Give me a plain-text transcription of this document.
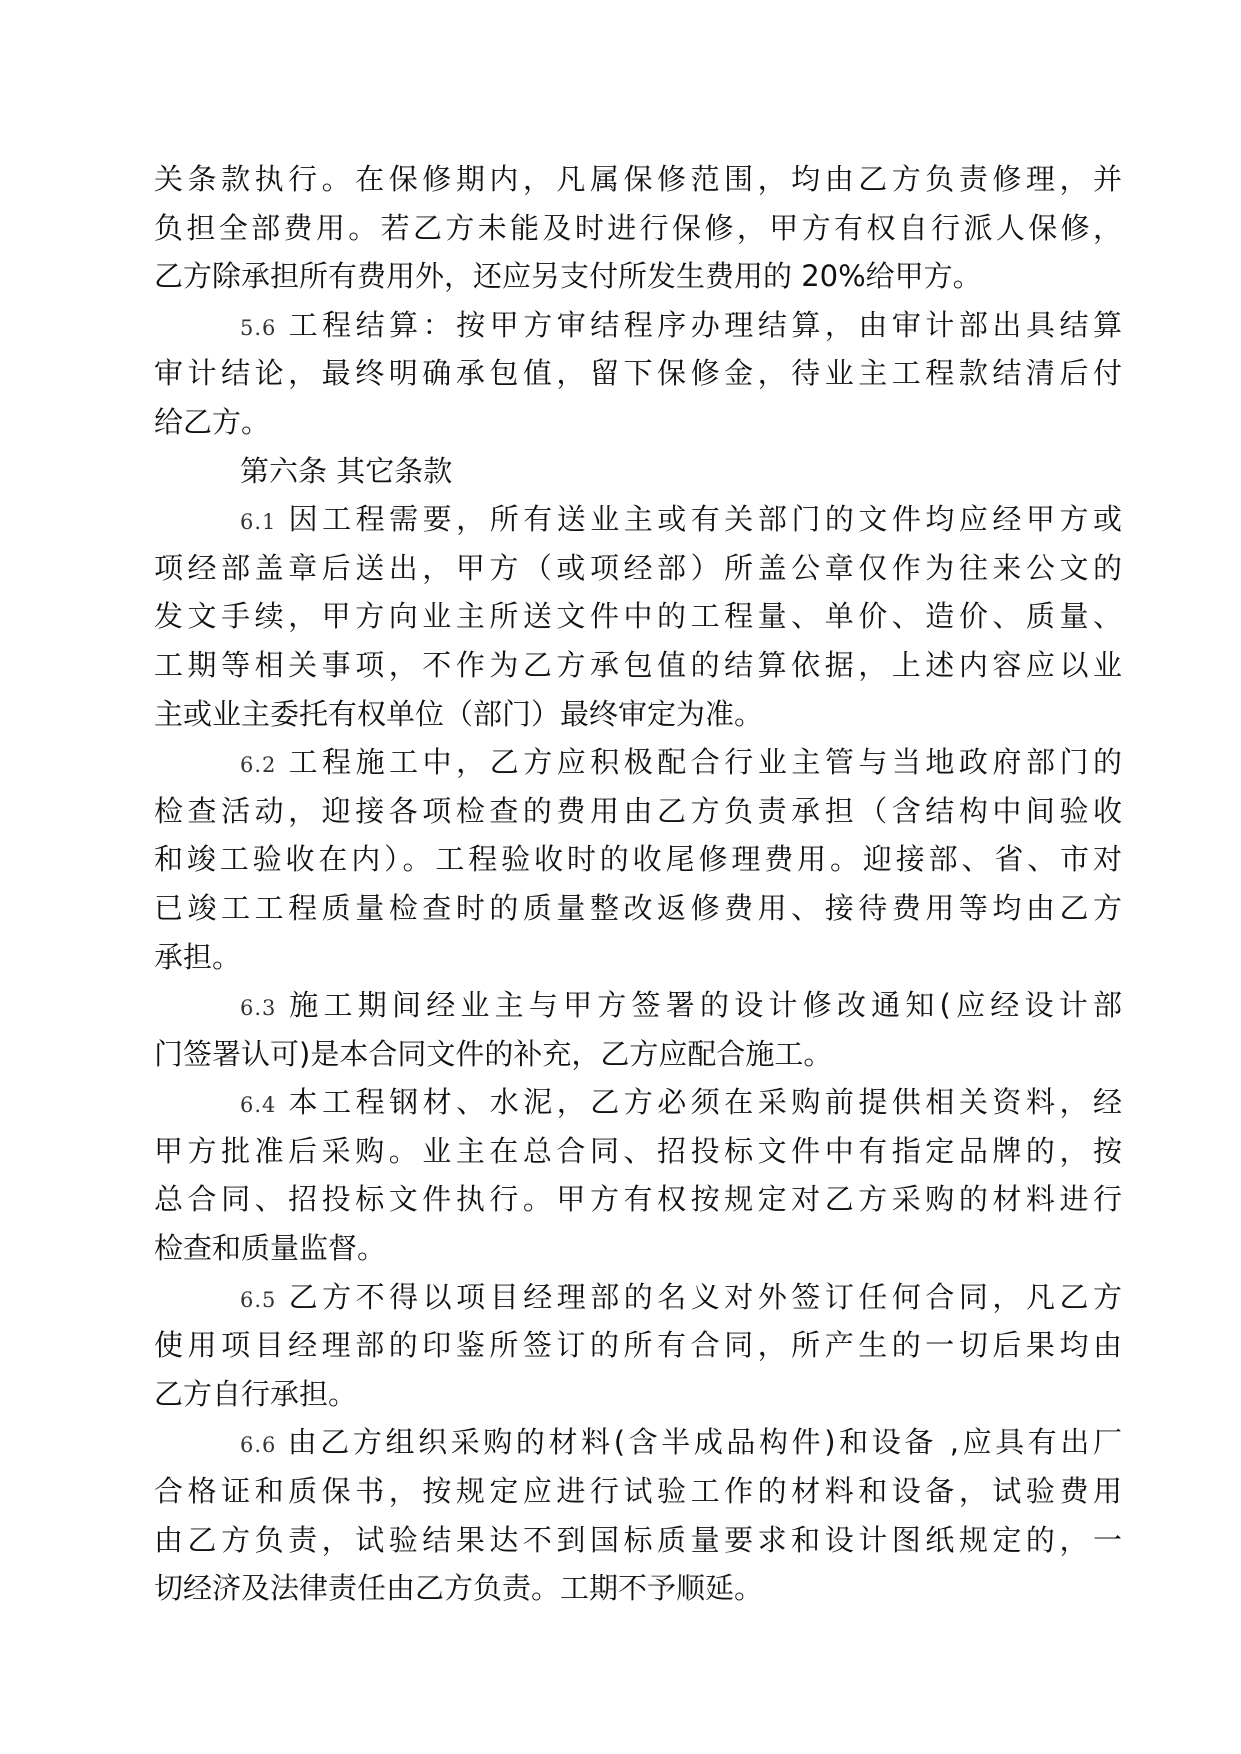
关条款执行。在保修期内，凡属保修范围，均由乙方负责修理，并
负担全部费用。若乙方未能及时进行保修，甲方有权自行派人保修，
乙方除承担所有费用外，还应另支付所发生费用的 20%给甲方。
5.6 工程结算：按甲方审结程序办理结算，由审计部出具结算
审计结论，最终明确承包值，留下保修金，待业主工程款结清后付
给乙方。
第六条 其它条款
6.1 因工程需要，所有送业主或有关部门的文件均应经甲方或
项经部盖章后送出，甲方（或项经部）所盖公章仅作为往来公文的
发文手续，甲方向业主所送文件中的工程量、单价、造价、质量、
工期等相关事项，不作为乙方承包值的结算依据，上述内容应以业
主或业主委托有权单位（部门）最终审定为准。
6.2 工程施工中，乙方应积极配合行业主管与当地政府部门的
检查活动，迎接各项检查的费用由乙方负责承担（含结构中间验收
和竣工验收在内）。工程验收时的收尾修理费用。迎接部、省、市对
已竣工工程质量检查时的质量整改返修费用、接待费用等均由乙方
承担。
6.3 施工期间经业主与甲方签署的设计修改通知(应经设计部
门签署认可)是本合同文件的补充，乙方应配合施工。
6.4 本工程钢材、水泥，乙方必须在采购前提供相关资料，经
甲方批准后采购。业主在总合同、招投标文件中有指定品牌的，按
总合同、招投标文件执行。甲方有权按规定对乙方采购的材料进行
检查和质量监督。
6.5 乙方不得以项目经理部的名义对外签订任何合同，凡乙方
使用项目经理部的印鉴所签订的所有合同，所产生的一切后果均由
乙方自行承担。
6.6 由乙方组织采购的材料(含半成品构件)和设备 ,应具有出厂
合格证和质保书，按规定应进行试验工作的材料和设备，试验费用
由乙方负责，试验结果达不到国标质量要求和设计图纸规定的，一
切经济及法律责任由乙方负责。工期不予顺延。
